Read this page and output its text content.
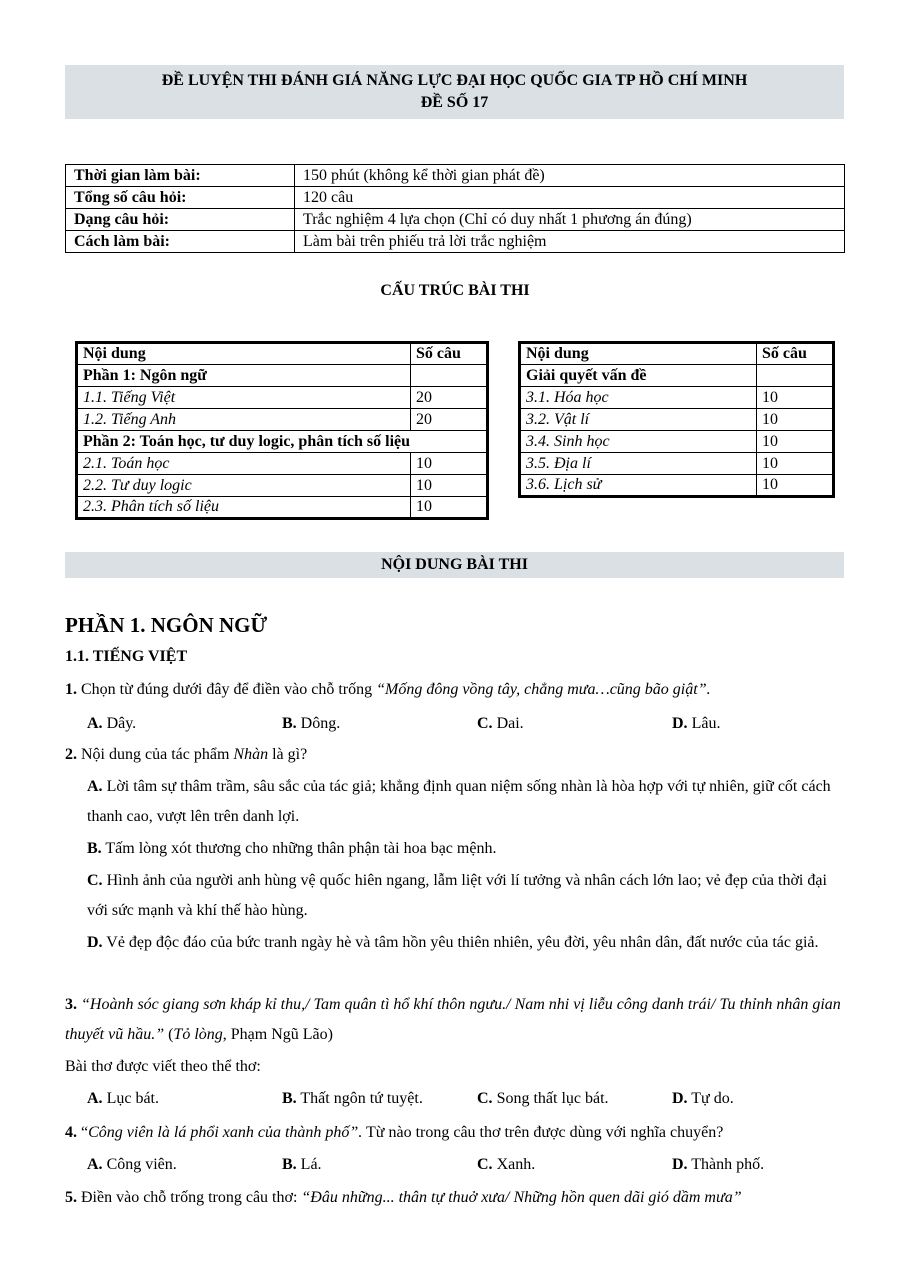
ĐỀ LUYỆN THI ĐÁNH GIÁ NĂNG LỰC ĐẠI HỌC QUỐC GIA TP HỒ CHÍ MINH
ĐỀ SỐ 17
Thời gian làm bài:	150 phút (không kể thời gian phát đề)
Tổng số câu hỏi:	120 câu
Dạng câu hỏi:	Trắc nghiệm 4 lựa chọn (Chỉ có duy nhất 1 phương án đúng)
Cách làm bài:	Làm bài trên phiếu trả lời trắc nghiệm
CẤU TRÚC BÀI THI
Nội dung	Số câu
Phần 1: Ngôn ngữ	
1.1. Tiếng Việt	20
1.2. Tiếng Anh	20
Phần 2: Toán học, tư duy logic, phân tích số liệu	
2.1. Toán học	10
2.2. Tư duy logic	10
2.3. Phân tích số liệu	10
Nội dung	Số câu
Giải quyết vấn đề	
3.1. Hóa học	10
3.2. Vật lí	10
3.4. Sinh học	10
3.5. Địa lí	10
3.6. Lịch sử	10
NỘI DUNG BÀI THI
PHẦN 1. NGÔN NGỮ
1.1. TIẾNG VIỆT
1. Chọn từ đúng dưới đây để điền vào chỗ trống “Mống đông vồng tây, chẳng mưa…cũng bão giật”.
A. Dây.	B. Dông.	C. Dai.	D. Lâu.
2. Nội dung của tác phẩm Nhàn là gì?
A. Lời tâm sự thâm trầm, sâu sắc của tác giả; khẳng định quan niệm sống nhàn là hòa hợp với tự nhiên, giữ cốt cách thanh cao, vượt lên trên danh lợi.
B. Tấm lòng xót thương cho những thân phận tài hoa bạc mệnh.
C. Hình ảnh của người anh hùng vệ quốc hiên ngang, lẫm liệt với lí tưởng và nhân cách lớn lao; vẻ đẹp của thời đại với sức mạnh và khí thế hào hùng.
D. Vẻ đẹp độc đáo của bức tranh ngày hè và tâm hồn yêu thiên nhiên, yêu đời, yêu nhân dân, đất nước của tác giả.
3. “Hoành sóc giang sơn kháp kỉ thu,/ Tam quân tì hổ khí thôn ngưu./ Nam nhi vị liễu công danh trái/ Tu thỉnh nhân gian thuyết vũ hầu.” (Tỏ lòng, Phạm Ngũ Lão)
Bài thơ được viết theo thể thơ:
A. Lục bát.	B. Thất ngôn tứ tuyệt.	C. Song thất lục bát.	D. Tự do.
4. “Công viên là lá phổi xanh của thành phố”. Từ nào trong câu thơ trên được dùng với nghĩa chuyển?
A. Công viên.	B. Lá.	C. Xanh.	D. Thành phố.
5. Điền vào chỗ trống trong câu thơ: “Đâu những... thân tự thuở xưa/ Những hồn quen dãi gió dầm mưa”
